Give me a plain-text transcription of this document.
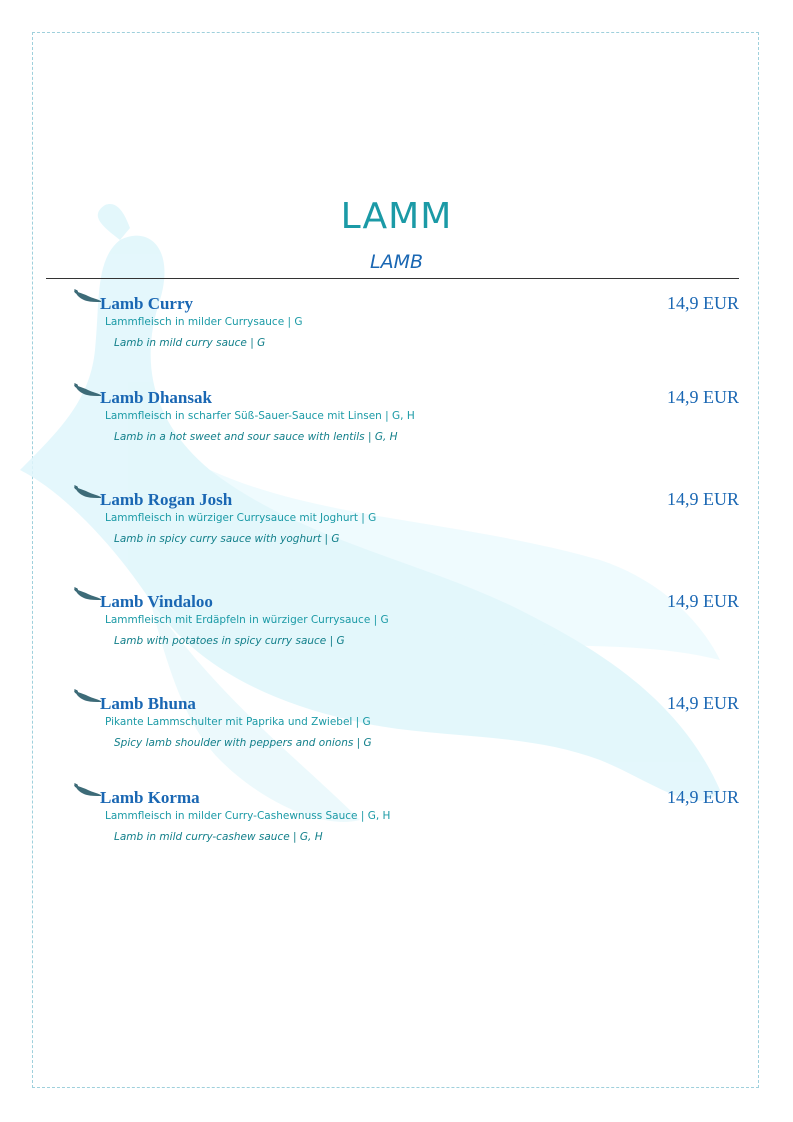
LAMM
LAMB
Lamb Curry	14,9 EUR
Lammfleisch in milder Currysauce | G
Lamb in mild curry sauce | G
Lamb Dhansak	14,9 EUR
Lammfleisch in scharfer Süß-Sauer-Sauce mit Linsen | G, H
Lamb in a hot sweet and sour sauce with lentils | G, H
Lamb Rogan Josh	14,9 EUR
Lammfleisch in würziger Currysauce mit Joghurt | G
Lamb in spicy curry sauce with yoghurt | G
Lamb Vindaloo	14,9 EUR
Lammfleisch mit Erdäpfeln in würziger Currysauce | G
Lamb with potatoes in spicy curry sauce | G
Lamb Bhuna	14,9 EUR
Pikante Lammschulter mit Paprika und Zwiebel | G
Spicy lamb shoulder with peppers and onions | G
Lamb Korma	14,9 EUR
Lammfleisch in milder Curry-Cashewnuss Sauce | G, H
Lamb in mild curry-cashew sauce | G, H
